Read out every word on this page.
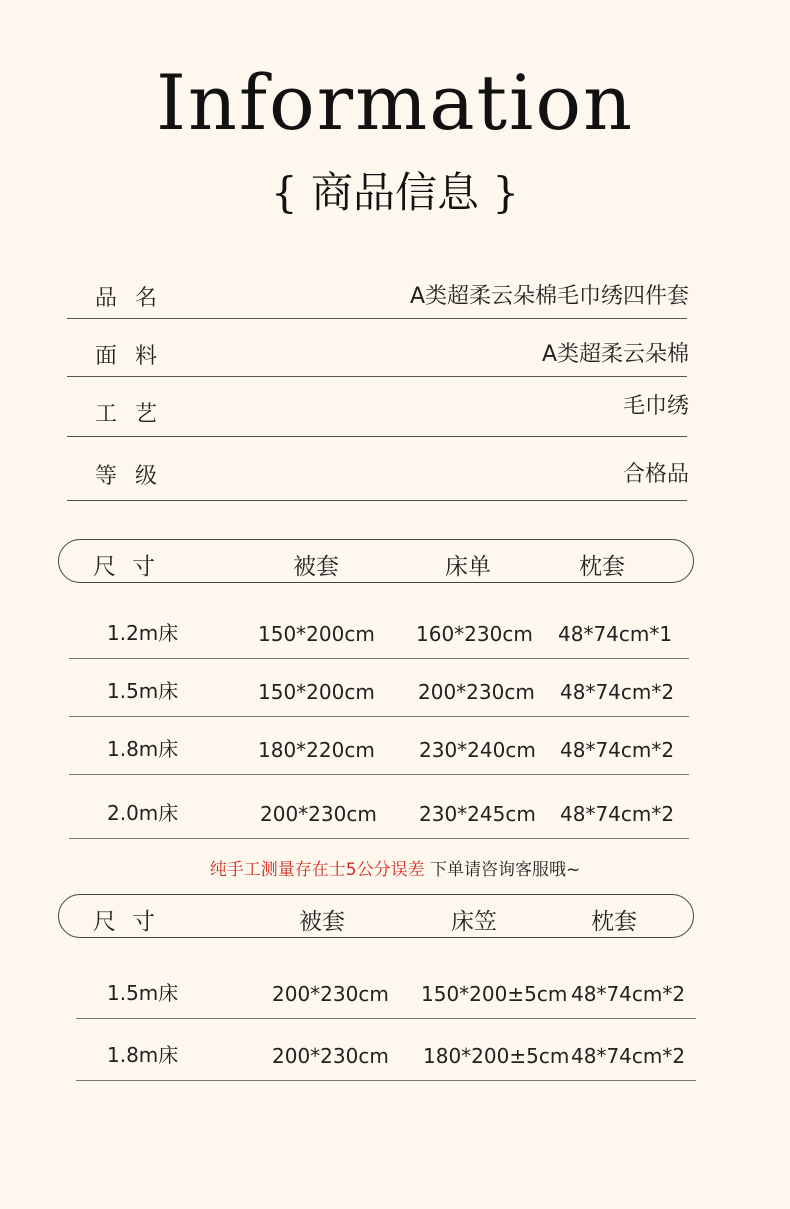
Information
{ 商品信息 }
品名	A类超柔云朵棉毛巾绣四件套
面料	A类超柔云朵棉
工艺	毛巾绣
等级	合格品
尺寸	被套	床单	枕套
1.2m床	150*200cm 160*230cm 48*74cm*1
1.5m床	150*200cm 200*230cm 48*74cm*2
1.8m床	180*220cm 230*240cm 48*74cm*2
2.0m床	200*230cm 230*245cm 48*74cm*2
纯手工测量存在士5公分误差 下单请咨询客服哦~
尺寸	被套	床笠	枕套
1.5m床	200*230cm 150*200±5cm 48*74cm*2
1.8m床	200*230cm 180*200±5cm 48*74cm*2
